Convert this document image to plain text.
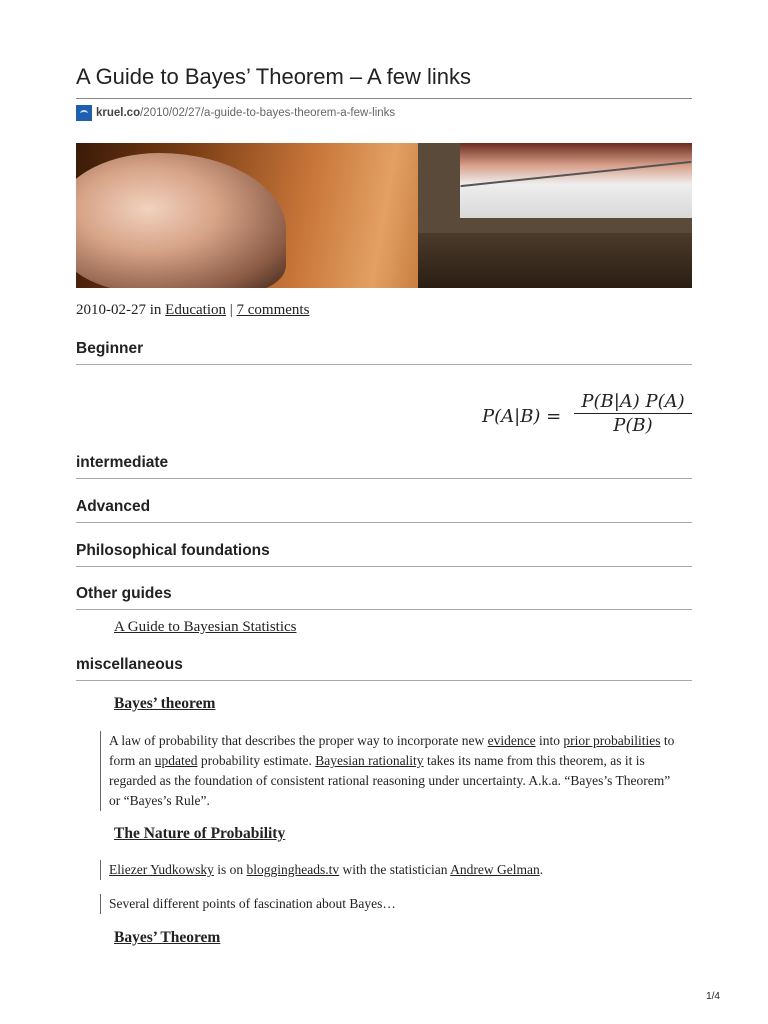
A Guide to Bayes’ Theorem – A few links
kruel.co /2010/02/27/a-guide-to-bayes-theorem-a-few-links
2010-02-27 in Education | 7 comments
Beginner
$P(A|B) = \frac{P(B|A) P(A)}{P(B)}$
intermediate
Advanced
Philosophical foundations
Other guides
A Guide to Bayesian Statistics
miscellaneous
Bayes’ theorem
A law of probability that describes the proper way to incorporate new evidence into prior probabilities to form an updated probability estimate. Bayesian rationality takes its name from this theorem, as it is regarded as the foundation of consistent rational reasoning under uncertainty. A.k.a. “Bayes’s Theorem” or “Bayes’s Rule”.
The Nature of Probability
Eliezer Yudkowsky is on bloggingheads.tv with the statistician Andrew Gelman.
Several different points of fascination about Bayes…
Bayes’ Theorem
1/4
